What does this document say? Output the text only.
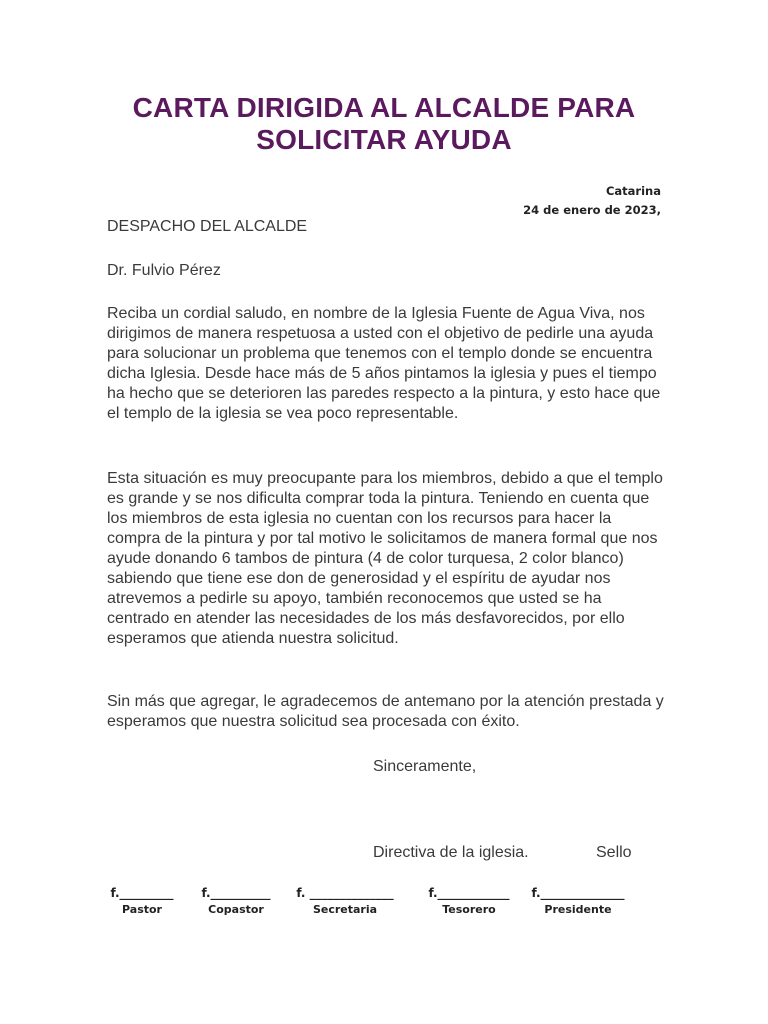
CARTA DIRIGIDA AL ALCALDE PARA
SOLICITAR AYUDA
Catarina
24 de enero de 2023,
DESPACHO DEL ALCALDE
Dr. Fulvio Pérez

Reciba un cordial saludo, en nombre de la Iglesia Fuente de Agua Viva, nos dirigimos de manera respetuosa a usted con el objetivo de pedirle una ayuda para solucionar un problema que tenemos con el templo donde se encuentra dicha Iglesia. Desde hace más de 5 años pintamos la iglesia y pues el tiempo ha hecho que se deterioren las paredes respecto a la pintura, y esto hace que el templo de la iglesia se vea poco representable.

Esta situación es muy preocupante para los miembros, debido a que el templo es grande y se nos dificulta comprar toda la pintura. Teniendo en cuenta que los miembros de esta iglesia no cuentan con los recursos para hacer la compra de la pintura y por tal motivo le solicitamos de manera formal que nos ayude donando 6 tambos de pintura (4 de color turquesa, 2 color blanco) sabiendo que tiene ese don de generosidad y el espíritu de ayudar nos atrevemos a pedirle su apoyo, también reconocemos que usted se ha centrado en atender las necesidades de los más desfavorecidos, por ello esperamos que atienda nuestra solicitud.

Sin más que agregar, le agradecemos de antemano por la atención prestada y esperamos que nuestra solicitud sea procesada con éxito.

Sinceramente,
Directiva de la iglesia.	Sello
f._________
Pastor
f.__________
Copastor
f. ______________
Secretaria
f.____________
Tesorero
f.______________
Presidente
